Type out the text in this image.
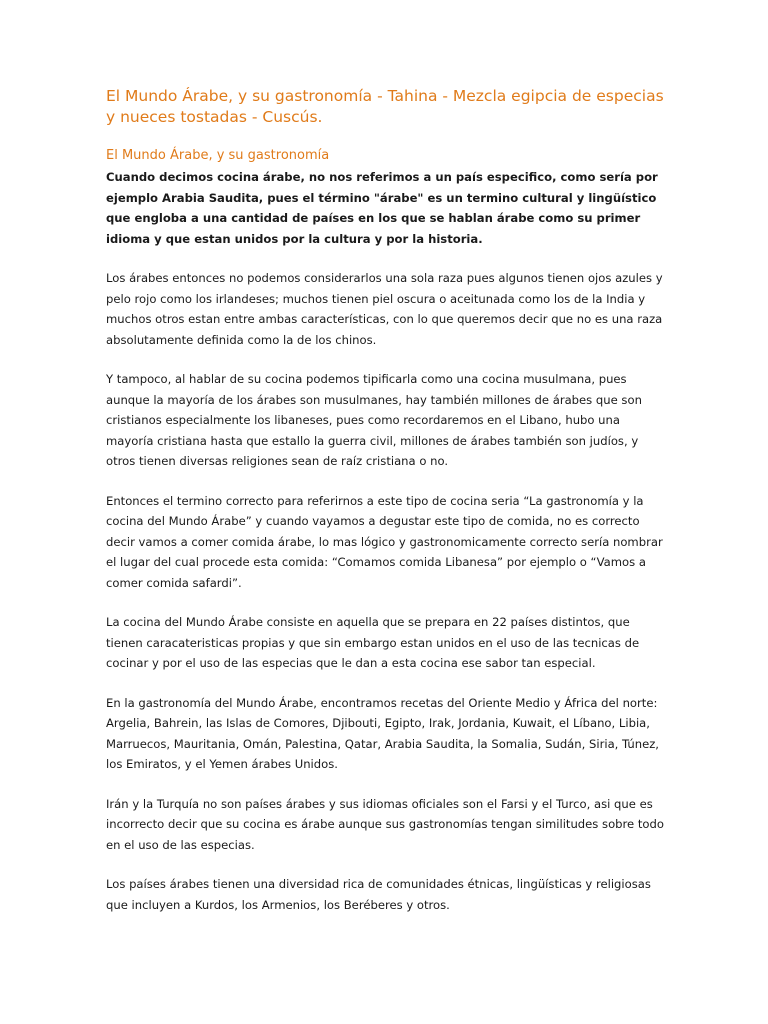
El Mundo Árabe, y su gastronomía - Tahina - Mezcla egipcia de especias y nueces tostadas - Cuscús.
El Mundo Árabe, y su gastronomía

Cuando decimos cocina árabe, no nos referimos a un país especifico, como sería por ejemplo Arabia Saudita, pues el término "árabe" es un termino cultural y lingüístico que engloba a una cantidad de países en los que se hablan árabe como su primer idioma y que estan unidos por la cultura y por la historia.

Los árabes entonces no podemos considerarlos una sola raza pues algunos tienen ojos azules y pelo rojo como los irlandeses; muchos tienen piel oscura o aceitunada como los de la India y muchos otros estan entre ambas características, con lo que queremos decir que no es una raza absolutamente definida como la de los chinos.

Y tampoco, al hablar de su cocina podemos tipificarla como una cocina musulmana, pues aunque la mayoría de los árabes son musulmanes, hay también millones de árabes que son cristianos especialmente los libaneses, pues como recordaremos en el Libano, hubo una mayoría cristiana hasta que estallo la guerra civil, millones de árabes también son judíos, y otros tienen diversas religiones sean de raíz cristiana o no.

Entonces el termino correcto para referirnos a este tipo de cocina seria “La gastronomía y la cocina del Mundo Árabe” y cuando vayamos a degustar este tipo de comida, no es correcto decir vamos a comer comida árabe, lo mas lógico y gastronomicamente correcto sería nombrar el lugar del cual procede esta comida: “Comamos comida Libanesa” por ejemplo o “Vamos a comer comida safardi”.

La cocina del Mundo Árabe consiste en aquella que se prepara en 22 países distintos, que tienen caracateristicas propias y que sin embargo estan unidos en el uso de las tecnicas de cocinar y por el uso de las especias que le dan a esta cocina ese sabor tan especial.

En la gastronomía del Mundo Árabe, encontramos recetas del Oriente Medio y África del norte: Argelia, Bahrein, las Islas de Comores, Djibouti, Egipto, Irak, Jordania, Kuwait, el Líbano, Libia, Marruecos, Mauritania, Omán, Palestina, Qatar, Arabia Saudita, la Somalia, Sudán, Siria, Túnez, los Emiratos, y el Yemen árabes Unidos.

Irán y la Turquía no son países árabes y sus idiomas oficiales son el Farsi y el Turco, asi que es incorrecto decir que su cocina es árabe aunque sus gastronomías tengan similitudes sobre todo en el uso de las especias.

Los países árabes tienen una diversidad rica de comunidades étnicas, lingüísticas y religiosas que incluyen a Kurdos, los Armenios, los Beréberes y otros.
